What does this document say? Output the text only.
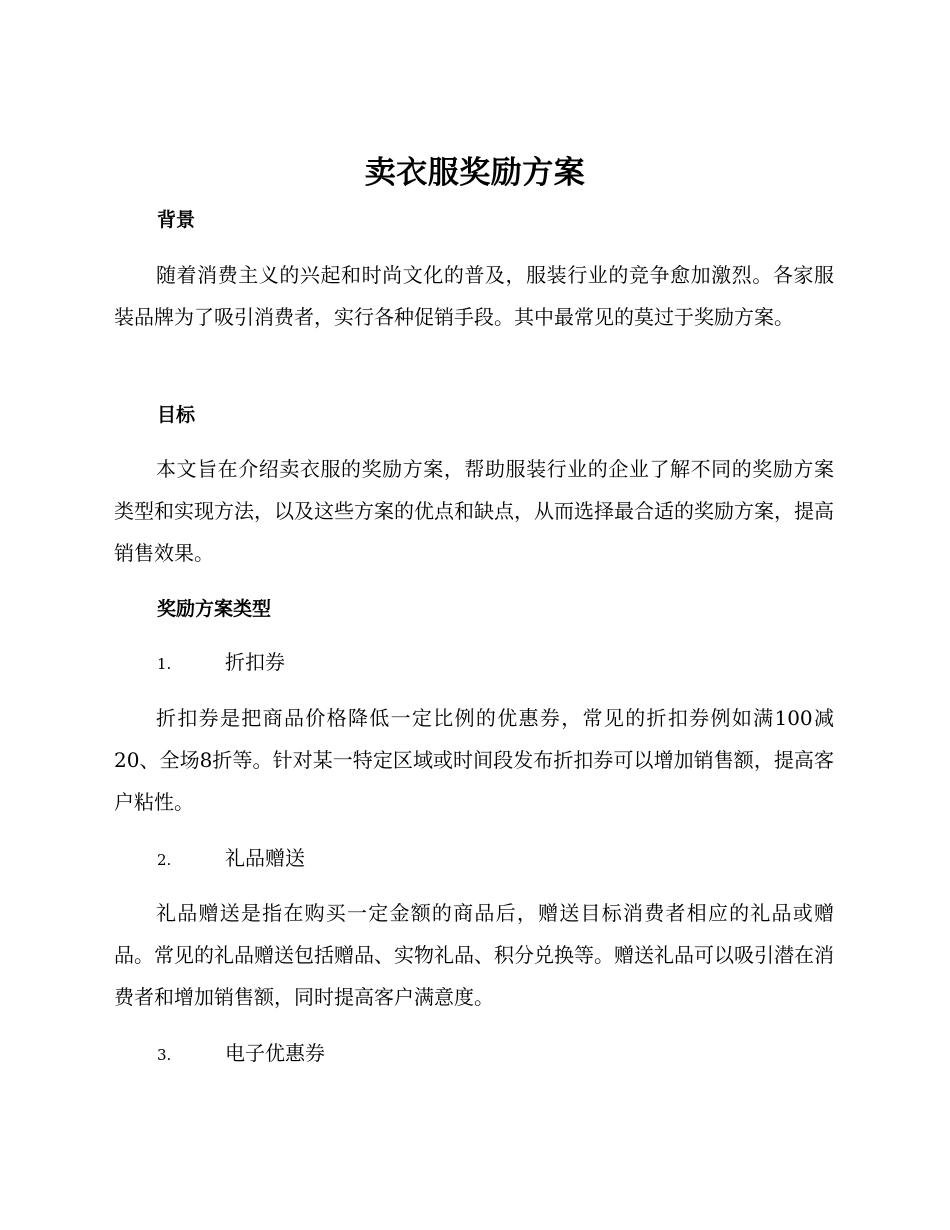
卖衣服奖励方案
背景

随着消费主义的兴起和时尚文化的普及，服装行业的竞争愈加激烈。各家服装品牌为了吸引消费者，实行各种促销手段。其中最常见的莫过于奖励方案。

目标

本文旨在介绍卖衣服的奖励方案，帮助服装行业的企业了解不同的奖励方案类型和实现方法，以及这些方案的优点和缺点，从而选择最合适的奖励方案，提高销售效果。

奖励方案类型
1.	折扣券

折扣券是把商品价格降低一定比例的优惠券，常见的折扣券例如满100减20、全场8折等。针对某一特定区域或时间段发布折扣券可以增加销售额，提高客户粘性。

2.	礼品赠送

礼品赠送是指在购买一定金额的商品后，赠送目标消费者相应的礼品或赠品。常见的礼品赠送包括赠品、实物礼品、积分兑换等。赠送礼品可以吸引潜在消费者和增加销售额，同时提高客户满意度。

3.	电子优惠券
